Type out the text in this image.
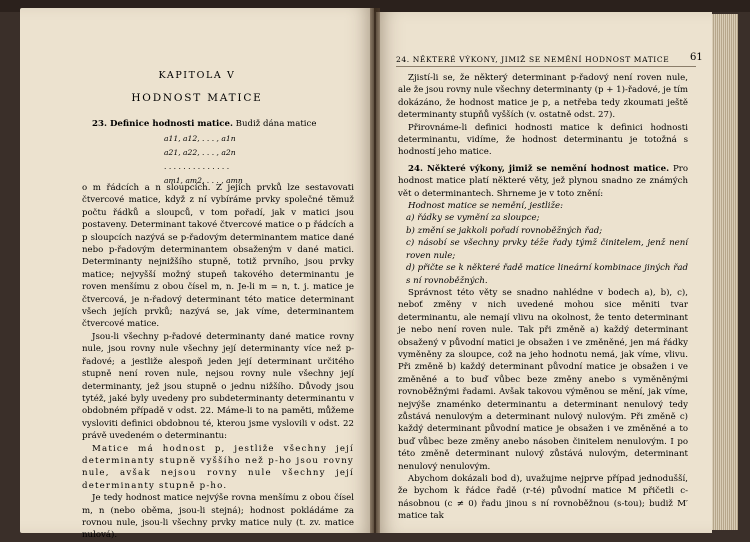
KAPITOLA V
HODNOST MATICE

23. Definice hodnosti matice. Budiž dána matice

a11, a12, . . . , a1n
a21, a22, . . . , a2n
. . . . . . . . . . . . . .
am1, am2, . . . , amn

o m řádcích a n sloupcích. Z jejích prvků lze sestavovati čtvercové matice, když z ní vybíráme prvky společné těmuž počtu řádků a sloupců, v tom pořadí, jak v matici jsou postaveny. Determinant takové čtvercové matice o p řádcích a p sloupcích nazývá se p-řadovým determinantem matice dané nebo p-řadovým determinantem obsaženým v dané matici. Determinanty nejnižšího stupně, totiž prvního, jsou prvky matice; nejvyšší možný stupeň takového determinantu je roven menšímu z obou čísel m, n. Je-li m = n, t. j. matice je čtvercová, je n-řadový determinant této matice determinant všech jejích prvků; nazývá se, jak víme, determinantem čtvercové matice.

Jsou-li všechny p-řadové determinanty dané matice rovny nule, jsou rovny nule všechny její determinanty více než p-řadové; a jestliže alespoň jeden její determinant určitého stupně není roven nule, nejsou rovny nule všechny její determinanty, jež jsou stupně o jednu nižšího. Důvody jsou tytéž, jaké byly uvedeny pro subdeterminanty determinantu v obdobném případě v odst. 22. Máme-li to na paměti, můžeme vysloviti definici obdobnou té, kterou jsme vyslovili v odst. 22 právě uvedeném o determinantu:

Matice má hodnost p, jestliže všechny její determinanty stupně vyššího než p-ho jsou rovny nule, avšak nejsou rovny nule všechny její determinanty stupně p-ho.

Je tedy hodnost matice nejvýše rovna menšímu z obou čísel m, n (nebo oběma, jsou-li stejná); hodnost pokládáme za rovnou nule, jsou-li všechny prvky matice nuly (t. zv. matice nulová).

24. NĚKTERÉ VÝKONY, JIMIŽ SE NEMĚNÍ HODNOST MATICE 61

Zjistí-li se, že některý determinant p-řadový není roven nule, ale že jsou rovny nule všechny determinanty (p + 1)-řadové, je tím dokázáno, že hodnost matice je p, a netřeba tedy zkoumati ještě determinanty stupňů vyšších (v. ostatně odst. 27).

Přirovnáme-li definici hodnosti matice k definici hodnosti determinantu, vidíme, že hodnost determinantu je totožná s hodností jeho matice.

24. Některé výkony, jimiž se nemění hodnost matice. Pro hodnost matice platí některé věty, jež plynou snadno ze známých vět o determinantech. Shrneme je v toto znění:

Hodnost matice se nemění, jestliže:

a) řádky se vymění za sloupce;

b) změní se jakkoli pořadí rovnoběžných řad;

c) násobí se všechny prvky téže řady týmž činitelem, jenž není roven nule;

d) přičte se k některé řadě matice lineární kombinace jiných řad s ní rovnoběžných.

Správnost této věty se snadno nahlédne v bodech a), b), c), neboť změny v nich uvedené mohou sice měniti tvar determinantu, ale nemají vlivu na okolnost, že tento determinant je nebo není roven nule. Tak při změně a) každý determinant obsažený v původní matici je obsažen i ve změněné, jen má řádky vyměněny za sloupce, což na jeho hodnotu nemá, jak víme, vlivu. Při změně b) každý determinant původní matice je obsažen i ve změněné a to buď vůbec beze změny anebo s vyměněnými rovnoběžnými řadami. Avšak takovou výměnou se mění, jak víme, nejvýše znaménko determinantu a determinant nenulový tedy zůstává nenulovým a determinant nulový nulovým. Při změně c) každý determinant původní matice je obsažen i ve změněné a to buď vůbec beze změny anebo násoben činitelem nenulovým. I po této změně determinant nulový zůstává nulovým, determinant nenulový nenulovým.

Abychom dokázali bod d), uvažujme nejprve případ jednodušší, že bychom k řádce řadě (r-té) původní matice M přičetli c-násobnou (c ≠ 0) řadu jinou s ní rovnoběžnou (s-tou); budiž M′ matice tak
